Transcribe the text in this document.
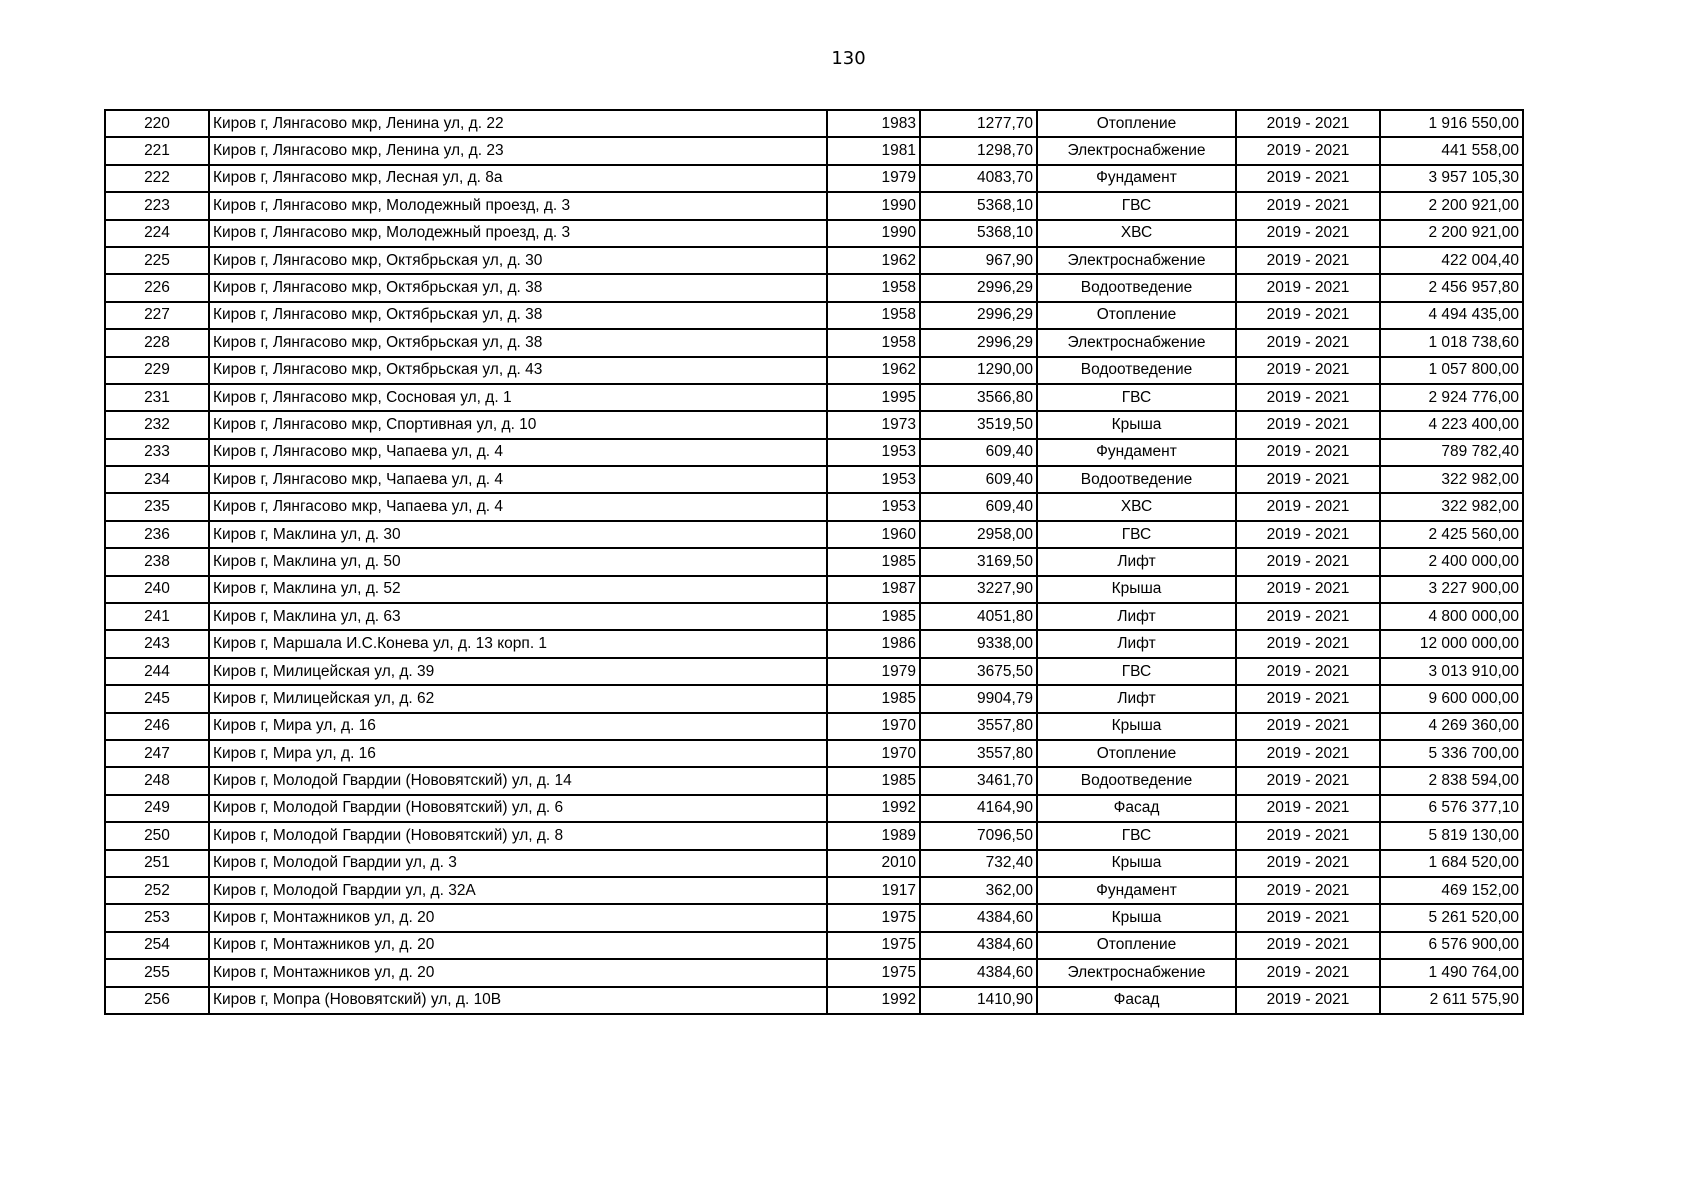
130
220	Киров г, Лянгасово мкр, Ленина ул, д. 22	1983	1277,70	Отопление	2019 - 2021	1 916 550,00
221	Киров г, Лянгасово мкр, Ленина ул, д. 23	1981	1298,70	Электроснабжение	2019 - 2021	441 558,00
222	Киров г, Лянгасово мкр, Лесная ул, д. 8а	1979	4083,70	Фундамент	2019 - 2021	3 957 105,30
223	Киров г, Лянгасово мкр, Молодежный проезд, д. 3	1990	5368,10	ГВС	2019 - 2021	2 200 921,00
224	Киров г, Лянгасово мкр, Молодежный проезд, д. 3	1990	5368,10	ХВС	2019 - 2021	2 200 921,00
225	Киров г, Лянгасово мкр, Октябрьская ул, д. 30	1962	967,90	Электроснабжение	2019 - 2021	422 004,40
226	Киров г, Лянгасово мкр, Октябрьская ул, д. 38	1958	2996,29	Водоотведение	2019 - 2021	2 456 957,80
227	Киров г, Лянгасово мкр, Октябрьская ул, д. 38	1958	2996,29	Отопление	2019 - 2021	4 494 435,00
228	Киров г, Лянгасово мкр, Октябрьская ул, д. 38	1958	2996,29	Электроснабжение	2019 - 2021	1 018 738,60
229	Киров г, Лянгасово мкр, Октябрьская ул, д. 43	1962	1290,00	Водоотведение	2019 - 2021	1 057 800,00
231	Киров г, Лянгасово мкр, Сосновая ул, д. 1	1995	3566,80	ГВС	2019 - 2021	2 924 776,00
232	Киров г, Лянгасово мкр, Спортивная ул, д. 10	1973	3519,50	Крыша	2019 - 2021	4 223 400,00
233	Киров г, Лянгасово мкр, Чапаева ул, д. 4	1953	609,40	Фундамент	2019 - 2021	789 782,40
234	Киров г, Лянгасово мкр, Чапаева ул, д. 4	1953	609,40	Водоотведение	2019 - 2021	322 982,00
235	Киров г, Лянгасово мкр, Чапаева ул, д. 4	1953	609,40	ХВС	2019 - 2021	322 982,00
236	Киров г, Маклина ул, д. 30	1960	2958,00	ГВС	2019 - 2021	2 425 560,00
238	Киров г, Маклина ул, д. 50	1985	3169,50	Лифт	2019 - 2021	2 400 000,00
240	Киров г, Маклина ул, д. 52	1987	3227,90	Крыша	2019 - 2021	3 227 900,00
241	Киров г, Маклина ул, д. 63	1985	4051,80	Лифт	2019 - 2021	4 800 000,00
243	Киров г, Маршала И.С.Конева ул, д. 13 корп. 1	1986	9338,00	Лифт	2019 - 2021	12 000 000,00
244	Киров г, Милицейская ул, д. 39	1979	3675,50	ГВС	2019 - 2021	3 013 910,00
245	Киров г, Милицейская ул, д. 62	1985	9904,79	Лифт	2019 - 2021	9 600 000,00
246	Киров г, Мира ул, д. 16	1970	3557,80	Крыша	2019 - 2021	4 269 360,00
247	Киров г, Мира ул, д. 16	1970	3557,80	Отопление	2019 - 2021	5 336 700,00
248	Киров г, Молодой Гвардии (Нововятский) ул, д. 14	1985	3461,70	Водоотведение	2019 - 2021	2 838 594,00
249	Киров г, Молодой Гвардии (Нововятский) ул, д. 6	1992	4164,90	Фасад	2019 - 2021	6 576 377,10
250	Киров г, Молодой Гвардии (Нововятский) ул, д. 8	1989	7096,50	ГВС	2019 - 2021	5 819 130,00
251	Киров г, Молодой Гвардии ул, д. 3	2010	732,40	Крыша	2019 - 2021	1 684 520,00
252	Киров г, Молодой Гвардии ул, д. 32А	1917	362,00	Фундамент	2019 - 2021	469 152,00
253	Киров г, Монтажников ул, д. 20	1975	4384,60	Крыша	2019 - 2021	5 261 520,00
254	Киров г, Монтажников ул, д. 20	1975	4384,60	Отопление	2019 - 2021	6 576 900,00
255	Киров г, Монтажников ул, д. 20	1975	4384,60	Электроснабжение	2019 - 2021	1 490 764,00
256	Киров г, Мопра (Нововятский) ул, д. 10В	1992	1410,90	Фасад	2019 - 2021	2 611 575,90
